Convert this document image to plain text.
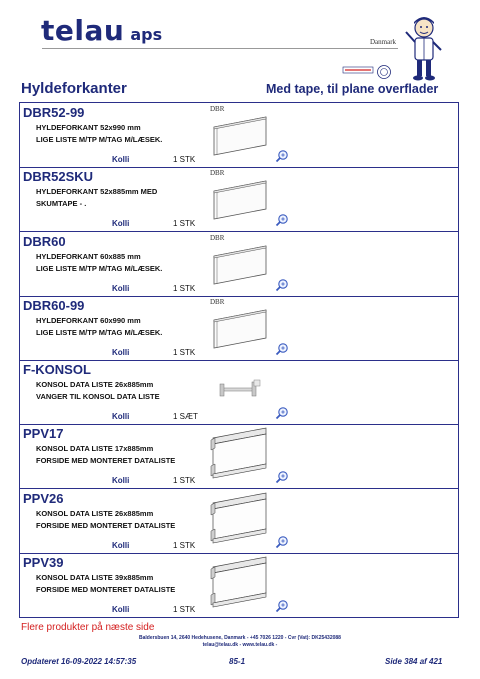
telau aps	Danmark
Hyldeforkanter	Med tape, til plane overflader
DBR52-99
HYLDEFORKANT 52x990 mm
LIGE LISTE M/TP M/TAG M/LÆSEK.
Kolli	1 STK
DBR
DBR52SKU
HYLDEFORKANT 52x885mm MED
SKUMTAPE - .
Kolli	1 STK
DBR
DBR60
HYLDEFORKANT 60x885 mm
LIGE LISTE M/TP M/TAG M/LÆSEK.
Kolli	1 STK
DBR
DBR60-99
HYLDEFORKANT 60x990 mm
LIGE LISTE M/TP M/TAG M/LÆSEK.
Kolli	1 STK
DBR
F-KONSOL
KONSOL DATA LISTE 26x885mm
VANGER TIL KONSOL DATA LISTE
Kolli	1 SÆT
PPV17
KONSOL DATA LISTE 17x885mm
FORSIDE MED MONTERET DATALISTE
Kolli	1 STK
PPV26
KONSOL DATA LISTE 26x885mm
FORSIDE MED MONTERET DATALISTE
Kolli	1 STK
PPV39
KONSOL DATA LISTE 39x885mm
FORSIDE MED MONTERET DATALISTE
Kolli	1 STK
Flere produkter på næste side
Baldersbuen 14, 2640 Hedehusene, Danmark - +45 7026 1220 - Cvr (Vat): DK25432088
telau@telau.dk - www.telau.dk -
Opdateret 16-09-2022 14:57:35	85-1	Side 384 af 421
